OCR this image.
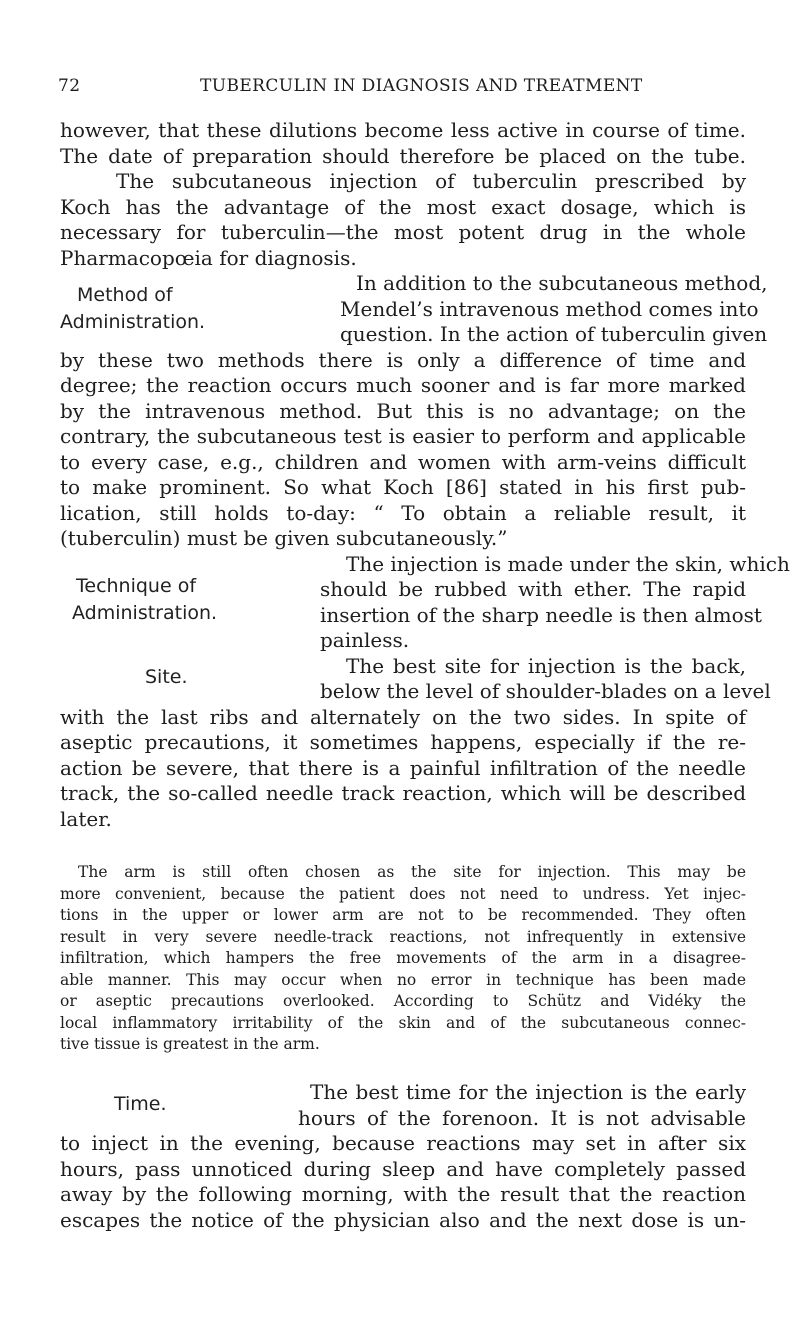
72	TUBERCULIN IN DIAGNOSIS AND TREATMENT
however, that these dilutions become less active in course of time.
The date of preparation should therefore be placed on the tube.
The subcutaneous injection of tuberculin prescribed by
Koch has the advantage of the most exact dosage, which is
necessary for tuberculin—the most potent drug in the whole
Pharmacopœia for diagnosis.
Method of
Administration.
In addition to the subcutaneous method,
Mendel’s intravenous method comes into
question. In the action of tuberculin given
by these two methods there is only a difference of time and
degree; the reaction occurs much sooner and is far more marked
by the intravenous method. But this is no advantage; on the
contrary, the subcutaneous test is easier to perform and applicable
to every case, e.g., children and women with arm-veins difficult
to make prominent. So what Koch [86] stated in his first pub-
lication, still holds to-day: “ To obtain a reliable result, it
(tuberculin) must be given subcutaneously.”
Technique of
Administration.
The injection is made under the skin, which
should be rubbed with ether. The rapid
insertion of the sharp needle is then almost
painless.
Site.	The best site for injection is the back,
below the level of shoulder-blades on a level
with the last ribs and alternately on the two sides. In spite of
aseptic precautions, it sometimes happens, especially if the re-
action be severe, that there is a painful infiltration of the needle
track, the so-called needle track reaction, which will be described
later.
The arm is still often chosen as the site for injection. This may be
more convenient, because the patient does not need to undress. Yet injec-
tions in the upper or lower arm are not to be recommended. They often
result in very severe needle-track reactions, not infrequently in extensive
infiltration, which hampers the free movements of the arm in a disagree-
able manner. This may occur when no error in technique has been made
or aseptic precautions overlooked. According to Schütz and Vidéky the
local inflammatory irritability of the skin and of the subcutaneous connec-
tive tissue is greatest in the arm.
Time.	The best time for the injection is the early
hours of the forenoon. It is not advisable
to inject in the evening, because reactions may set in after six
hours, pass unnoticed during sleep and have completely passed
away by the following morning, with the result that the reaction
escapes the notice of the physician also and the next dose is un-
